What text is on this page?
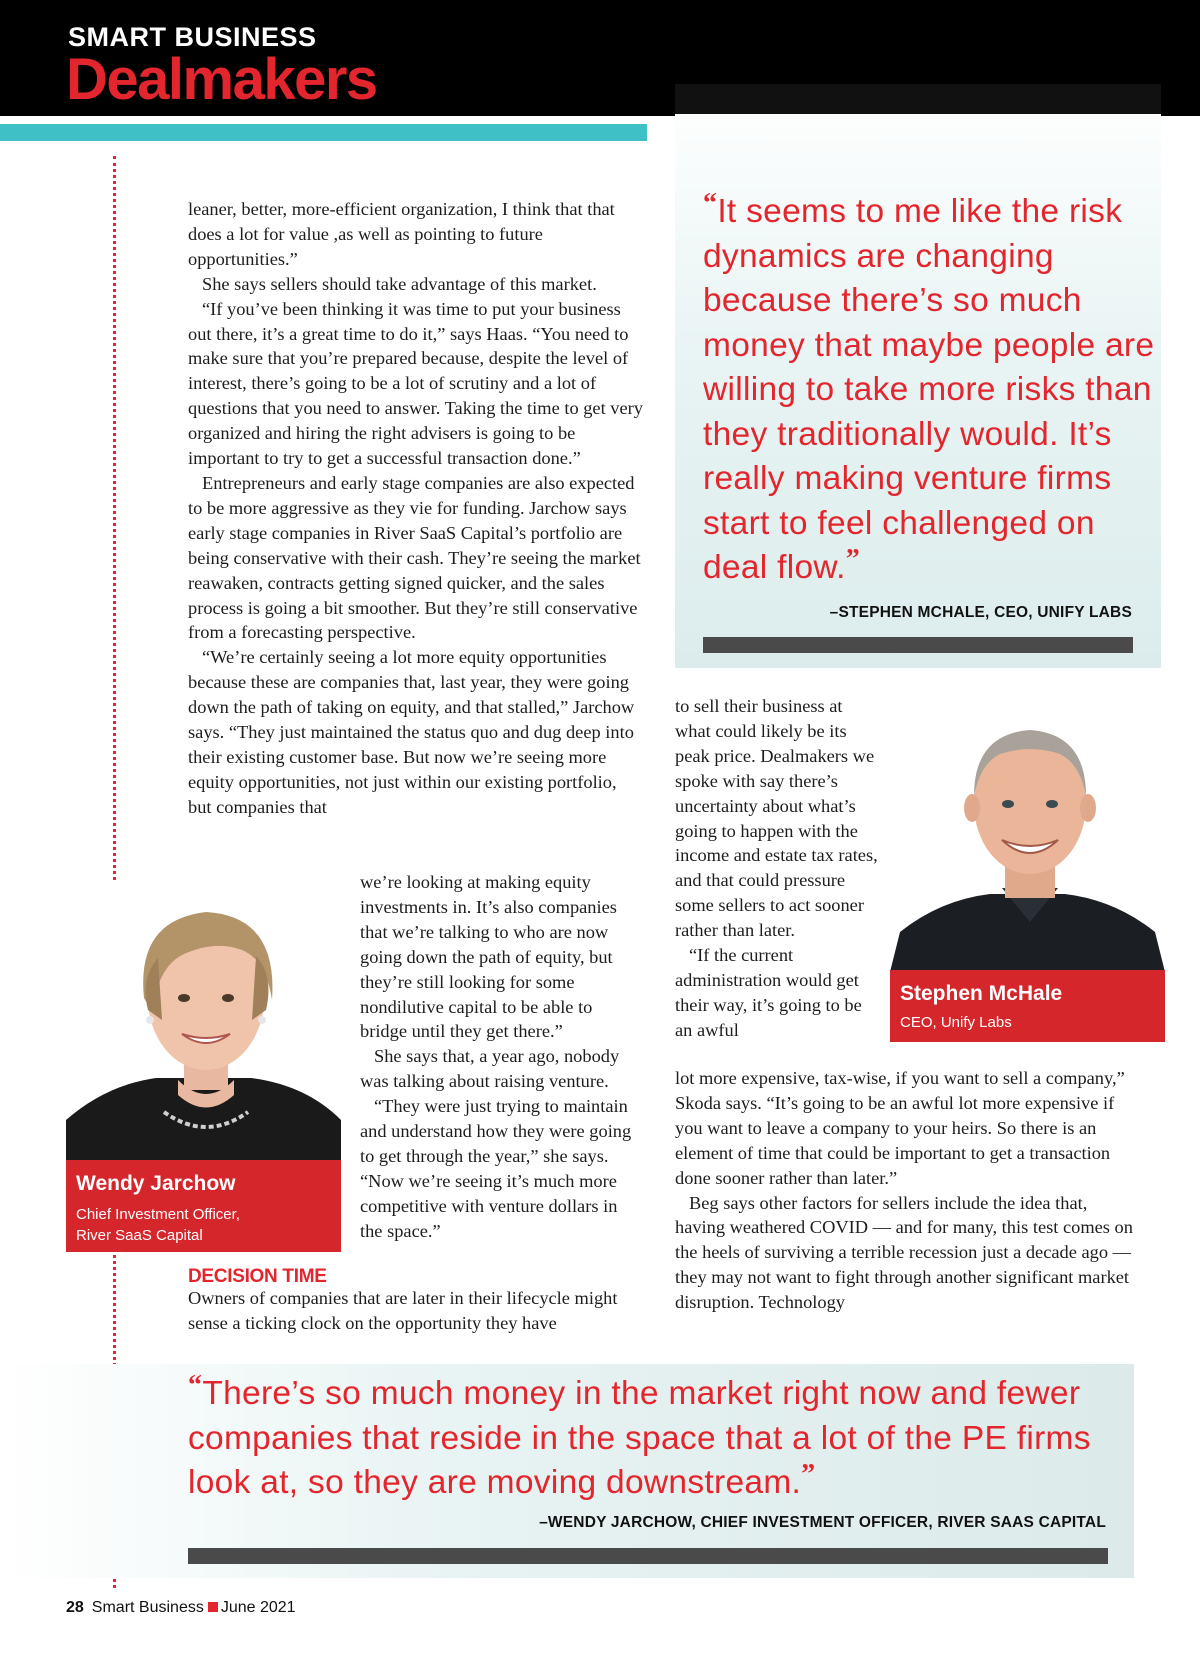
SMART BUSINESS
Dealmakers
“It seems to me like the risk dynamics are changing because there’s so much money that maybe people are willing to take more risks than they traditionally would. It’s really making venture firms start to feel challenged on deal flow.”
–STEPHEN MCHALE, CEO, UNIFY LABS

leaner, better, more-efficient organization, I think that that does a lot for value ,as well as pointing to future opportunities.”

She says sellers should take advantage of this market.

“If you’ve been thinking it was time to put your business out there, it’s a great time to do it,” says Haas. “You need to make sure that you’re prepared because, despite the level of interest, there’s going to be a lot of scrutiny and a lot of questions that you need to answer. Taking the time to get very organized and hiring the right advisers is going to be important to try to get a successful transaction done.”

Entrepreneurs and early stage companies are also expected to be more aggressive as they vie for funding. Jarchow says early stage companies in River SaaS Capital’s portfolio are being conservative with their cash. They’re seeing the market reawaken, contracts getting signed quicker, and the sales process is going a bit smoother. But they’re still conservative from a forecasting perspective.

“We’re certainly seeing a lot more equity opportunities because these are companies that, last year, they were going down the path of taking on equity, and that stalled,” Jarchow says. “They just maintained the status quo and dug deep into their existing customer base. But now we’re seeing more equity opportunities, not just within our existing portfolio, but companies that

we’re looking at making equity investments in. It’s also companies that we’re talking to who are now going down the path of equity, but they’re still looking for some nondilutive capital to be able to bridge until they get there.”

She says that, a year ago, nobody was talking about raising venture.

“They were just trying to maintain and understand how they were going to get through the year,” she says. “Now we’re seeing it’s much more competitive with venture dollars in the space.”

Wendy Jarchow
Chief Investment Officer,
River SaaS Capital
DECISION TIME

Owners of companies that are later in their lifecycle might sense a ticking clock on the opportunity they have

to sell their business at what could likely be its peak price. Dealmakers we spoke with say there’s uncertainty about what’s going to happen with the income and estate tax rates, and that could pressure some sellers to act sooner rather than later.

“If the current administration would get their way, it’s going to be an awful

lot more expensive, tax-wise, if you want to sell a company,” Skoda says. “It’s going to be an awful lot more expensive if you want to leave a company to your heirs. So there is an element of time that could be important to get a transaction done sooner rather than later.”

Beg says other factors for sellers include the idea that, having weathered COVID — and for many, this test comes on the heels of surviving a terrible recession just a decade ago — they may not want to fight through another significant market disruption. Technology

Stephen McHale
CEO, Unify Labs
“There’s so much money in the market right now and fewer companies that reside in the space that a lot of the PE firms look at, so they are moving downstream.”
–WENDY JARCHOW, CHIEF INVESTMENT OFFICER, RIVER SAAS CAPITAL
28 Smart Business June 2021
